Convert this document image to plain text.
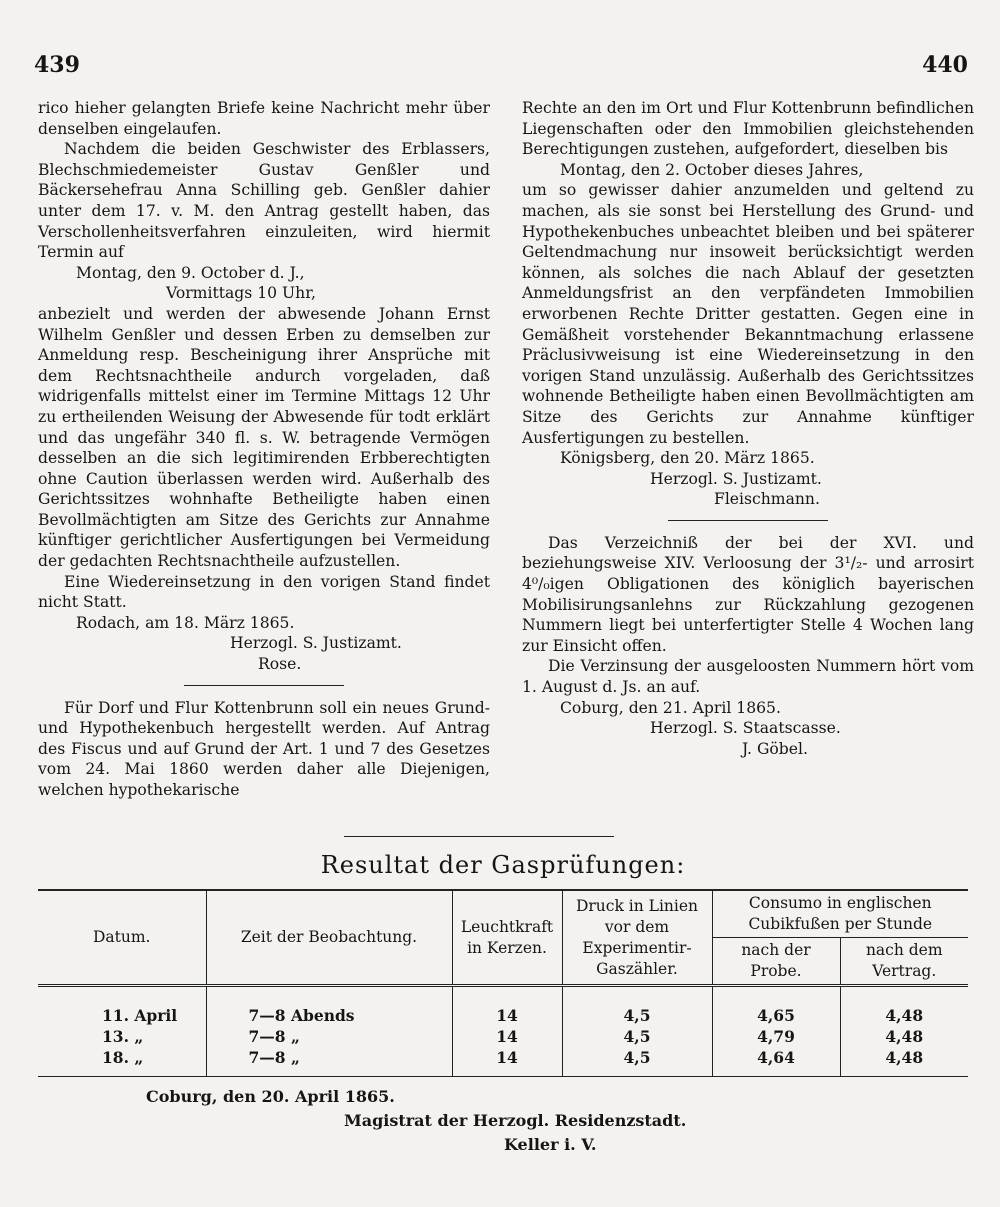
439	440

rico hieher gelangten Briefe keine Nachricht mehr über denselben eingelaufen.

Nachdem die beiden Geschwister des Erblassers, Blechschmiedemeister Gustav Genßler und Bäckersehefrau Anna Schilling geb. Genßler dahier unter dem 17. v. M. den Antrag gestellt haben, das Verschollenheitsverfahren einzuleiten, wird hiermit Termin auf

Montag, den 9. October d. J.,

Vormittags 10 Uhr,

anbezielt und werden der abwesende Johann Ernst Wilhelm Genßler und dessen Erben zu demselben zur Anmeldung resp. Bescheinigung ihrer Ansprüche mit dem Rechtsnachtheile andurch vorgeladen, daß widrigenfalls mittelst einer im Termine Mittags 12 Uhr zu ertheilenden Weisung der Abwesende für todt erklärt und das ungefähr 340 fl. s. W. betragende Vermögen desselben an die sich legitimirenden Erbberechtigten ohne Caution überlassen werden wird. Außerhalb des Gerichtssitzes wohnhafte Betheiligte haben einen Bevollmächtigten am Sitze des Gerichts zur Annahme künftiger gerichtlicher Ausfertigungen bei Vermeidung der gedachten Rechtsnachtheile aufzustellen.

Eine Wiedereinsetzung in den vorigen Stand findet nicht Statt.

Rodach, am 18. März 1865.

Herzogl. S. Justizamt.

Rose.

Für Dorf und Flur Kottenbrunn soll ein neues Grund- und Hypothekenbuch hergestellt werden. Auf Antrag des Fiscus und auf Grund der Art. 1 und 7 des Gesetzes vom 24. Mai 1860 werden daher alle Diejenigen, welchen hypothekarische

Rechte an den im Ort und Flur Kottenbrunn befindlichen Liegenschaften oder den Immobilien gleichstehenden Berechtigungen zustehen, aufgefordert, dieselben bis

Montag, den 2. October dieses Jahres,

um so gewisser dahier anzumelden und geltend zu machen, als sie sonst bei Herstellung des Grund- und Hypothekenbuches unbeachtet bleiben und bei späterer Geltendmachung nur insoweit berücksichtigt werden können, als solches die nach Ablauf der gesetzten Anmeldungsfrist an den verpfändeten Immobilien erworbenen Rechte Dritter gestatten. Gegen eine in Gemäßheit vorstehender Bekanntmachung erlassene Präclusivweisung ist eine Wiedereinsetzung in den vorigen Stand unzulässig. Außerhalb des Gerichtssitzes wohnende Betheiligte haben einen Bevollmächtigten am Sitze des Gerichts zur Annahme künftiger Ausfertigungen zu bestellen.

Königsberg, den 20. März 1865.

Herzogl. S. Justizamt.

Fleischmann.

Das Verzeichniß der bei der XVI. und beziehungsweise XIV. Verloosung der 3¹/₂- und arrosirt 4⁰/₀igen Obligationen des königlich bayerischen Mobilisirungsanlehns zur Rückzahlung gezogenen Nummern liegt bei unterfertigter Stelle 4 Wochen lang zur Einsicht offen.

Die Verzinsung der ausgeloosten Nummern hört vom 1. August d. Js. an auf.

Coburg, den 21. April 1865.

Herzogl. S. Staatscasse.

J. Göbel.

Resultat der Gasprüfungen:
Datum.	Zeit der Beobachtung.	Leuchtkraft in Kerzen.	Druck in Linien vor dem Experimentir-Gaszähler.	Consumo in englischen Cubikfußen per Stunde	
				nach der Probe.	nach dem Vertrag.
11. April	7—8 Abends	14	4,5	4,65	4,48
13. „	7—8 „	14	4,5	4,79	4,48
18. „	7—8 „	14	4,5	4,64	4,48
Coburg, den 20. April 1865.
Magistrat der Herzogl. Residenzstadt.
Keller i. V.
